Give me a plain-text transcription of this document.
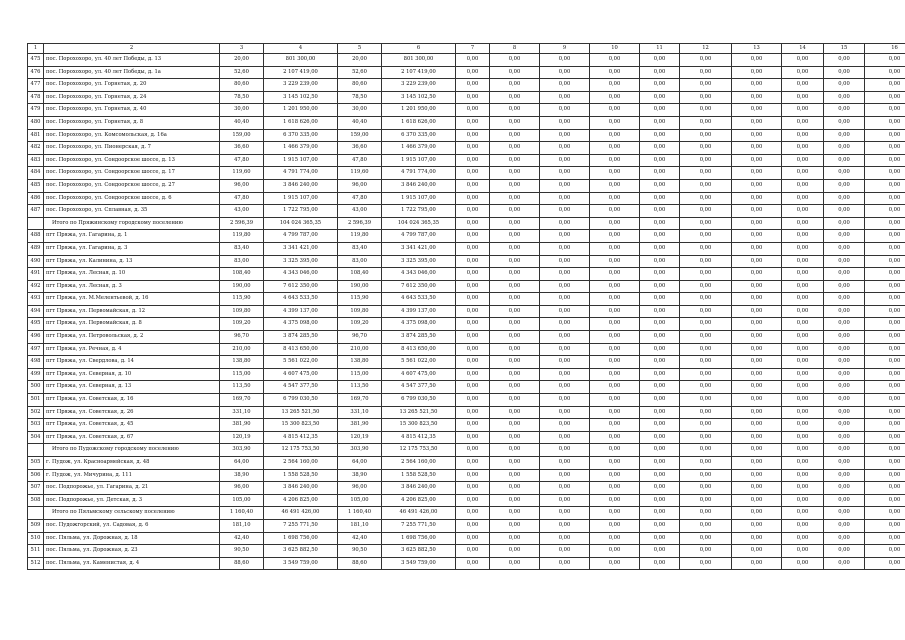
1	2	3	4	5	6	7	8	9	10	11	12	13	14	15	16
475	пос. Порохохоро, ул. 40 лет Победы, д. 13	20,00	801 300,00	20,00	801 300,00	0,00	0,00	0,00	0,00	0,00	0,00	0,00	0,00	0,00	0,00
476	пос. Порохохоро, ул. 40 лет Победы, д. 1а	52,60	2 107 419,00	52,60	2 107 419,00	0,00	0,00	0,00	0,00	0,00	0,00	0,00	0,00	0,00	0,00
477	пос. Порохохоро, ул. Горнетая, д. 20	80,60	3 229 239,00	80,60	3 229 239,00	0,00	0,00	0,00	0,00	0,00	0,00	0,00	0,00	0,00	0,00
478	пос. Порохохоро, ул. Горнетая, д. 24	78,50	3 145 102,50	78,50	3 145 102,50	0,00	0,00	0,00	0,00	0,00	0,00	0,00	0,00	0,00	0,00
479	пос. Порохохоро, ул. Горнетая, д. 40	30,00	1 201 950,00	30,00	1 201 950,00	0,00	0,00	0,00	0,00	0,00	0,00	0,00	0,00	0,00	0,00
480	пос. Порохохоро, ул. Горнетая, д. 8	40,40	1 618 626,00	40,40	1 618 626,00	0,00	0,00	0,00	0,00	0,00	0,00	0,00	0,00	0,00	0,00
481	пос. Порохохоро, ул. Комсомольская, д. 16а	159,00	6 370 335,00	159,00	6 370 335,00	0,00	0,00	0,00	0,00	0,00	0,00	0,00	0,00	0,00	0,00
482	пос. Порохохоро, ул. Пионерская, д. 7	36,60	1 466 379,00	36,60	1 466 379,00	0,00	0,00	0,00	0,00	0,00	0,00	0,00	0,00	0,00	0,00
483	пос. Порохохоро, ул. Сондоорское шоссе, д. 13	47,80	1 915 107,00	47,80	1 915 107,00	0,00	0,00	0,00	0,00	0,00	0,00	0,00	0,00	0,00	0,00
484	пос. Порохохоро, ул. Сондоорское шоссе, д. 17	119,60	4 791 774,00	119,60	4 791 774,00	0,00	0,00	0,00	0,00	0,00	0,00	0,00	0,00	0,00	0,00
485	пос. Порохохоро, ул. Сондоорское шоссе, д. 27	96,00	3 846 240,00	96,00	3 846 240,00	0,00	0,00	0,00	0,00	0,00	0,00	0,00	0,00	0,00	0,00
486	пос. Порохохоро, ул. Сондоорское шоссе, д. 6	47,80	1 915 107,00	47,80	1 915 107,00	0,00	0,00	0,00	0,00	0,00	0,00	0,00	0,00	0,00	0,00
487	пос. Порохохоро, ул. Сплавная, д. 35	43,00	1 722 795,00	43,00	1 722 795,00	0,00	0,00	0,00	0,00	0,00	0,00	0,00	0,00	0,00	0,00
	Итого по Пряжинскому городскому поселению	2 596,39	104 024 365,35	2 596,39	104 024 365,35	0,00	0,00	0,00	0,00	0,00	0,00	0,00	0,00	0,00	0,00
488	пгт Пряжа, ул. Гагарина, д. 1	119,80	4 799 787,00	119,80	4 799 787,00	0,00	0,00	0,00	0,00	0,00	0,00	0,00	0,00	0,00	0,00
489	пгт Пряжа, ул. Гагарина, д. 3	83,40	3 341 421,00	83,40	3 341 421,00	0,00	0,00	0,00	0,00	0,00	0,00	0,00	0,00	0,00	0,00
490	пгт Пряжа, ул. Калинина, д. 13	83,00	3 325 395,00	83,00	3 325 395,00	0,00	0,00	0,00	0,00	0,00	0,00	0,00	0,00	0,00	0,00
491	пгт Пряжа, ул. Лесная, д. 10	108,40	4 343 046,00	108,40	4 343 046,00	0,00	0,00	0,00	0,00	0,00	0,00	0,00	0,00	0,00	0,00
492	пгт Пряжа, ул. Лесная, д. 3	190,00	7 612 350,00	190,00	7 612 350,00	0,00	0,00	0,00	0,00	0,00	0,00	0,00	0,00	0,00	0,00
493	пгт Пряжа, ул. М.Мелентьевой, д. 16	115,90	4 643 533,50	115,90	4 643 533,50	0,00	0,00	0,00	0,00	0,00	0,00	0,00	0,00	0,00	0,00
494	пгт Пряжа, ул. Первомайская, д. 12	109,80	4 399 137,00	109,80	4 399 137,00	0,00	0,00	0,00	0,00	0,00	0,00	0,00	0,00	0,00	0,00
495	пгт Пряжа, ул. Первомайская, д. 8	109,20	4 375 098,00	109,20	4 375 098,00	0,00	0,00	0,00	0,00	0,00	0,00	0,00	0,00	0,00	0,00
496	пгт Пряжа, ул. Петровольская, д. 2	96,70	3 874 285,50	96,70	3 874 285,50	0,00	0,00	0,00	0,00	0,00	0,00	0,00	0,00	0,00	0,00
497	пгт Пряжа, ул. Речная, д. 4	210,00	8 413 650,00	210,00	8 413 650,00	0,00	0,00	0,00	0,00	0,00	0,00	0,00	0,00	0,00	0,00
498	пгт Пряжа, ул. Свердлова, д. 14	138,80	5 561 022,00	138,80	5 561 022,00	0,00	0,00	0,00	0,00	0,00	0,00	0,00	0,00	0,00	0,00
499	пгт Пряжа, ул. Северная, д. 10	115,00	4 607 475,00	115,00	4 607 475,00	0,00	0,00	0,00	0,00	0,00	0,00	0,00	0,00	0,00	0,00
500	пгт Пряжа, ул. Северная, д. 13	113,50	4 547 377,50	113,50	4 547 377,50	0,00	0,00	0,00	0,00	0,00	0,00	0,00	0,00	0,00	0,00
501	пгт Пряжа, ул. Советская, д. 16	169,70	6 799 030,50	169,70	6 799 030,50	0,00	0,00	0,00	0,00	0,00	0,00	0,00	0,00	0,00	0,00
502	пгт Пряжа, ул. Советская, д. 26	331,10	13 265 521,50	331,10	13 265 521,50	0,00	0,00	0,00	0,00	0,00	0,00	0,00	0,00	0,00	0,00
503	пгт Пряжа, ул. Советская, д. 45	381,90	15 300 823,50	381,90	15 300 823,50	0,00	0,00	0,00	0,00	0,00	0,00	0,00	0,00	0,00	0,00
504	пгт Пряжа, ул. Советская, д. 67	120,19	4 815 412,35	120,19	4 815 412,35	0,00	0,00	0,00	0,00	0,00	0,00	0,00	0,00	0,00	0,00
	Итого по Пудожскому городскому поселению	303,90	12 175 753,50	303,90	12 175 753,50	0,00	0,00	0,00	0,00	0,00	0,00	0,00	0,00	0,00	0,00
505	г. Пудож, ул. Красноармейская, д. 48	64,00	2 564 160,00	64,00	2 564 160,00	0,00	0,00	0,00	0,00	0,00	0,00	0,00	0,00	0,00	0,00
506	г. Пудож, ул. Мичурина, д. 111	38,90	1 558 528,50	38,90	1 558 528,50	0,00	0,00	0,00	0,00	0,00	0,00	0,00	0,00	0,00	0,00
507	пос. Подпорожье, ул. Гагарина, д. 21	96,00	3 846 240,00	96,00	3 846 240,00	0,00	0,00	0,00	0,00	0,00	0,00	0,00	0,00	0,00	0,00
508	пос. Подпорожье, ул. Детская, д. 3	105,00	4 206 825,00	105,00	4 206 825,00	0,00	0,00	0,00	0,00	0,00	0,00	0,00	0,00	0,00	0,00
	Итого по Пяльмскому сельскому поселению	1 160,40	46 491 426,00	1 160,40	46 491 426,00	0,00	0,00	0,00	0,00	0,00	0,00	0,00	0,00	0,00	0,00
509	пос. Пудожгорский, ул. Садовая, д. 6	181,10	7 255 771,50	181,10	7 255 771,50	0,00	0,00	0,00	0,00	0,00	0,00	0,00	0,00	0,00	0,00
510	пос. Пяльма, ул. Дорожная, д. 18	42,40	1 698 756,00	42,40	1 698 756,00	0,00	0,00	0,00	0,00	0,00	0,00	0,00	0,00	0,00	0,00
511	пос. Пяльма, ул. Дорожная, д. 23	90,50	3 625 882,50	90,50	3 625 882,50	0,00	0,00	0,00	0,00	0,00	0,00	0,00	0,00	0,00	0,00
512	пос. Пяльма, ул. Каменистая, д. 4	88,60	3 549 759,00	88,60	3 549 759,00	0,00	0,00	0,00	0,00	0,00	0,00	0,00	0,00	0,00	0,00
